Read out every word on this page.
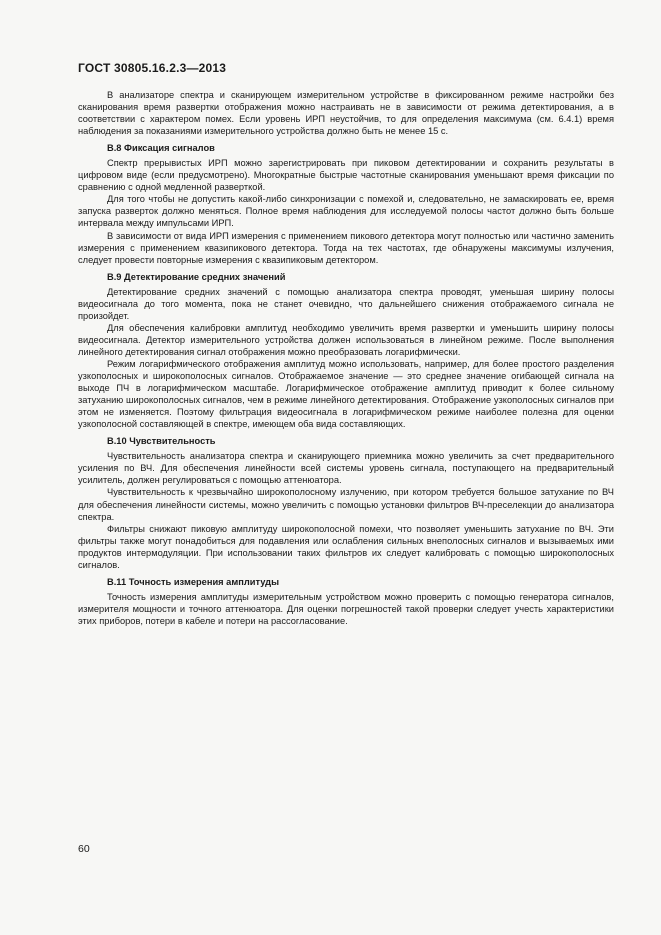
ГОСТ 30805.16.2.3—2013

В анализаторе спектра и сканирующем измерительном устройстве в фиксированном режиме настройки без сканирования время развертки отображения можно настраивать не в зависимости от режима детектирования, а в соответствии с характером помех. Если уровень ИРП неустойчив, то для определения максимума (см. 6.4.1) время наблюдения за показаниями измерительного устройства должно быть не менее 15 с.

В.8 Фиксация сигналов

Спектр прерывистых ИРП можно зарегистрировать при пиковом детектировании и сохранить результаты в цифровом виде (если предусмотрено). Многократные быстрые частотные сканирования уменьшают время фиксации по сравнению с одной медленной разверткой.

Для того чтобы не допустить какой-либо синхронизации с помехой и, следовательно, не замаскировать ее, время запуска разверток должно меняться. Полное время наблюдения для исследуемой полосы частот должно быть больше интервала между импульсами ИРП.

В зависимости от вида ИРП измерения с применением пикового детектора могут полностью или частично заменить измерения с применением квазипикового детектора. Тогда на тех частотах, где обнаружены максимумы излучения, следует провести повторные измерения с квазипиковым детектором.

В.9 Детектирование средних значений

Детектирование средних значений с помощью анализатора спектра проводят, уменьшая ширину полосы видеосигнала до того момента, пока не станет очевидно, что дальнейшего снижения отображаемого сигнала не произойдет.

Для обеспечения калибровки амплитуд необходимо увеличить время развертки и уменьшить ширину полосы видеосигнала. Детектор измерительного устройства должен использоваться в линейном режиме. После выполнения линейного детектирования сигнал отображения можно преобразовать логарифмически.

Режим логарифмического отображения амплитуд можно использовать, например, для более простого разделения узкополосных и широкополосных сигналов. Отображаемое значение — это среднее значение огибающей сигнала на выходе ПЧ в логарифмическом масштабе. Логарифмическое отображение амплитуд приводит к более сильному затуханию широкополосных сигналов, чем в режиме линейного детектирования. Отображение узкополосных сигналов при этом не изменяется. Поэтому фильтрация видеосигнала в логарифмическом режиме наиболее полезна для оценки узкополосной составляющей в спектре, имеющем оба вида составляющих.

В.10 Чувствительность

Чувствительность анализатора спектра и сканирующего приемника можно увеличить за счет предварительного усиления по ВЧ. Для обеспечения линейности всей системы уровень сигнала, поступающего на предварительный усилитель, должен регулироваться с помощью аттенюатора.

Чувствительность к чрезвычайно широкополосному излучению, при котором требуется большое затухание по ВЧ для обеспечения линейности системы, можно увеличить с помощью установки фильтров ВЧ-преселекции до анализатора спектра.

Фильтры снижают пиковую амплитуду широкополосной помехи, что позволяет уменьшить затухание по ВЧ. Эти фильтры также могут понадобиться для подавления или ослабления сильных внеполосных сигналов и вызываемых ими продуктов интермодуляции. При использовании таких фильтров их следует калибровать с помощью широкополосных сигналов.

В.11 Точность измерения амплитуды

Точность измерения амплитуды измерительным устройством можно проверить с помощью генератора сигналов, измерителя мощности и точного аттенюатора. Для оценки погрешностей такой проверки следует учесть характеристики этих приборов, потери в кабеле и потери на рассогласование.

60
